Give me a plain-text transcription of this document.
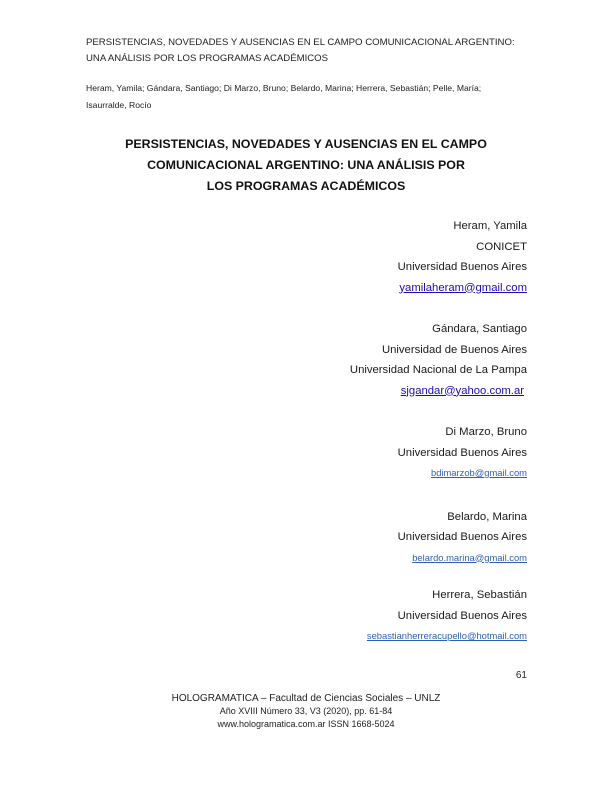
PERSISTENCIAS, NOVEDADES Y AUSENCIAS EN EL CAMPO COMUNICACIONAL ARGENTINO:
UNA ANÁLISIS POR LOS PROGRAMAS ACADÉMICOS
Heram, Yamila; Gándara, Santiago; Di Marzo, Bruno; Belardo, Marina; Herrera, Sebastián; Pelle, María;
Isaurralde, Rocío
PERSISTENCIAS, NOVEDADES Y AUSENCIAS EN EL CAMPO
COMUNICACIONAL ARGENTINO: UNA ANÁLISIS POR
LOS PROGRAMAS ACADÉMICOS
Heram, Yamila
CONICET
Universidad Buenos Aires
yamilaheram@gmail.com
Gándara, Santiago
Universidad de Buenos Aires
Universidad Nacional de La Pampa
sjgandar@yahoo.com.ar
Di Marzo, Bruno
Universidad Buenos Aires
bdimarzob@gmail.com
Belardo, Marina
Universidad Buenos Aires
belardo.marina@gmail.com
Herrera, Sebastián
Universidad Buenos Aires
sebastianherreracupello@hotmail.com
61
HOLOGRAMATICA – Facultad de Ciencias Sociales – UNLZ
Año XVIII Número 33, V3 (2020), pp. 61-84
www.hologramatica.com.ar ISSN 1668-5024
